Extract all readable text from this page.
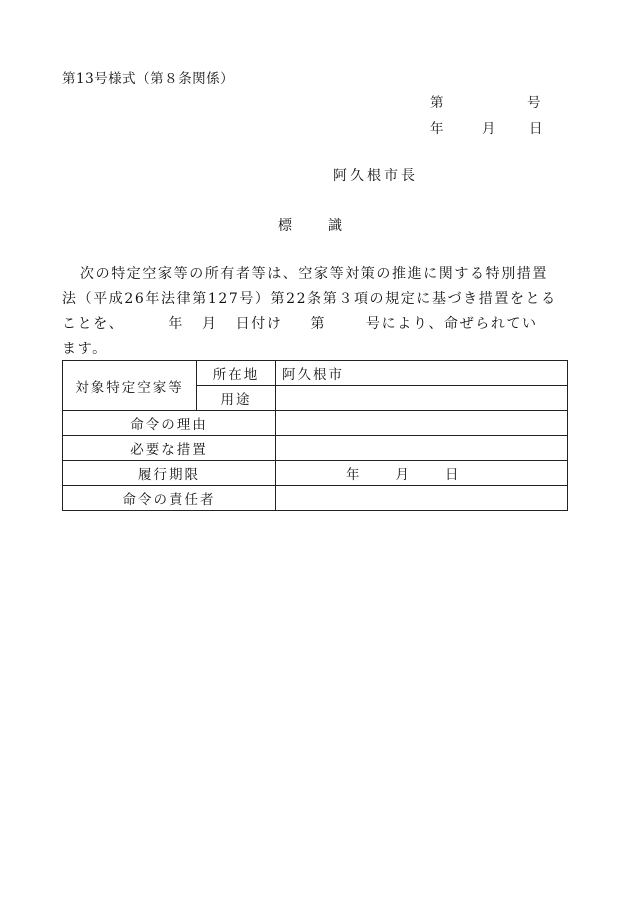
第13号様式（第８条関係）
第	号
年	月 日
阿久根市長
標	識
次の特定空家等の所有者等は、空家等対策の推進に関する特別措置
法（平成26年法律第127号）第22条第３項の規定に基づき措置をとる
ことを、	年 月 日付け 第	号により、命ぜられてい
ます。
対象特定空家等	所在地	阿久根市
	用途	
命令の理由		
必要な措置		
履行期限		年 月 日
命令の責任者		
